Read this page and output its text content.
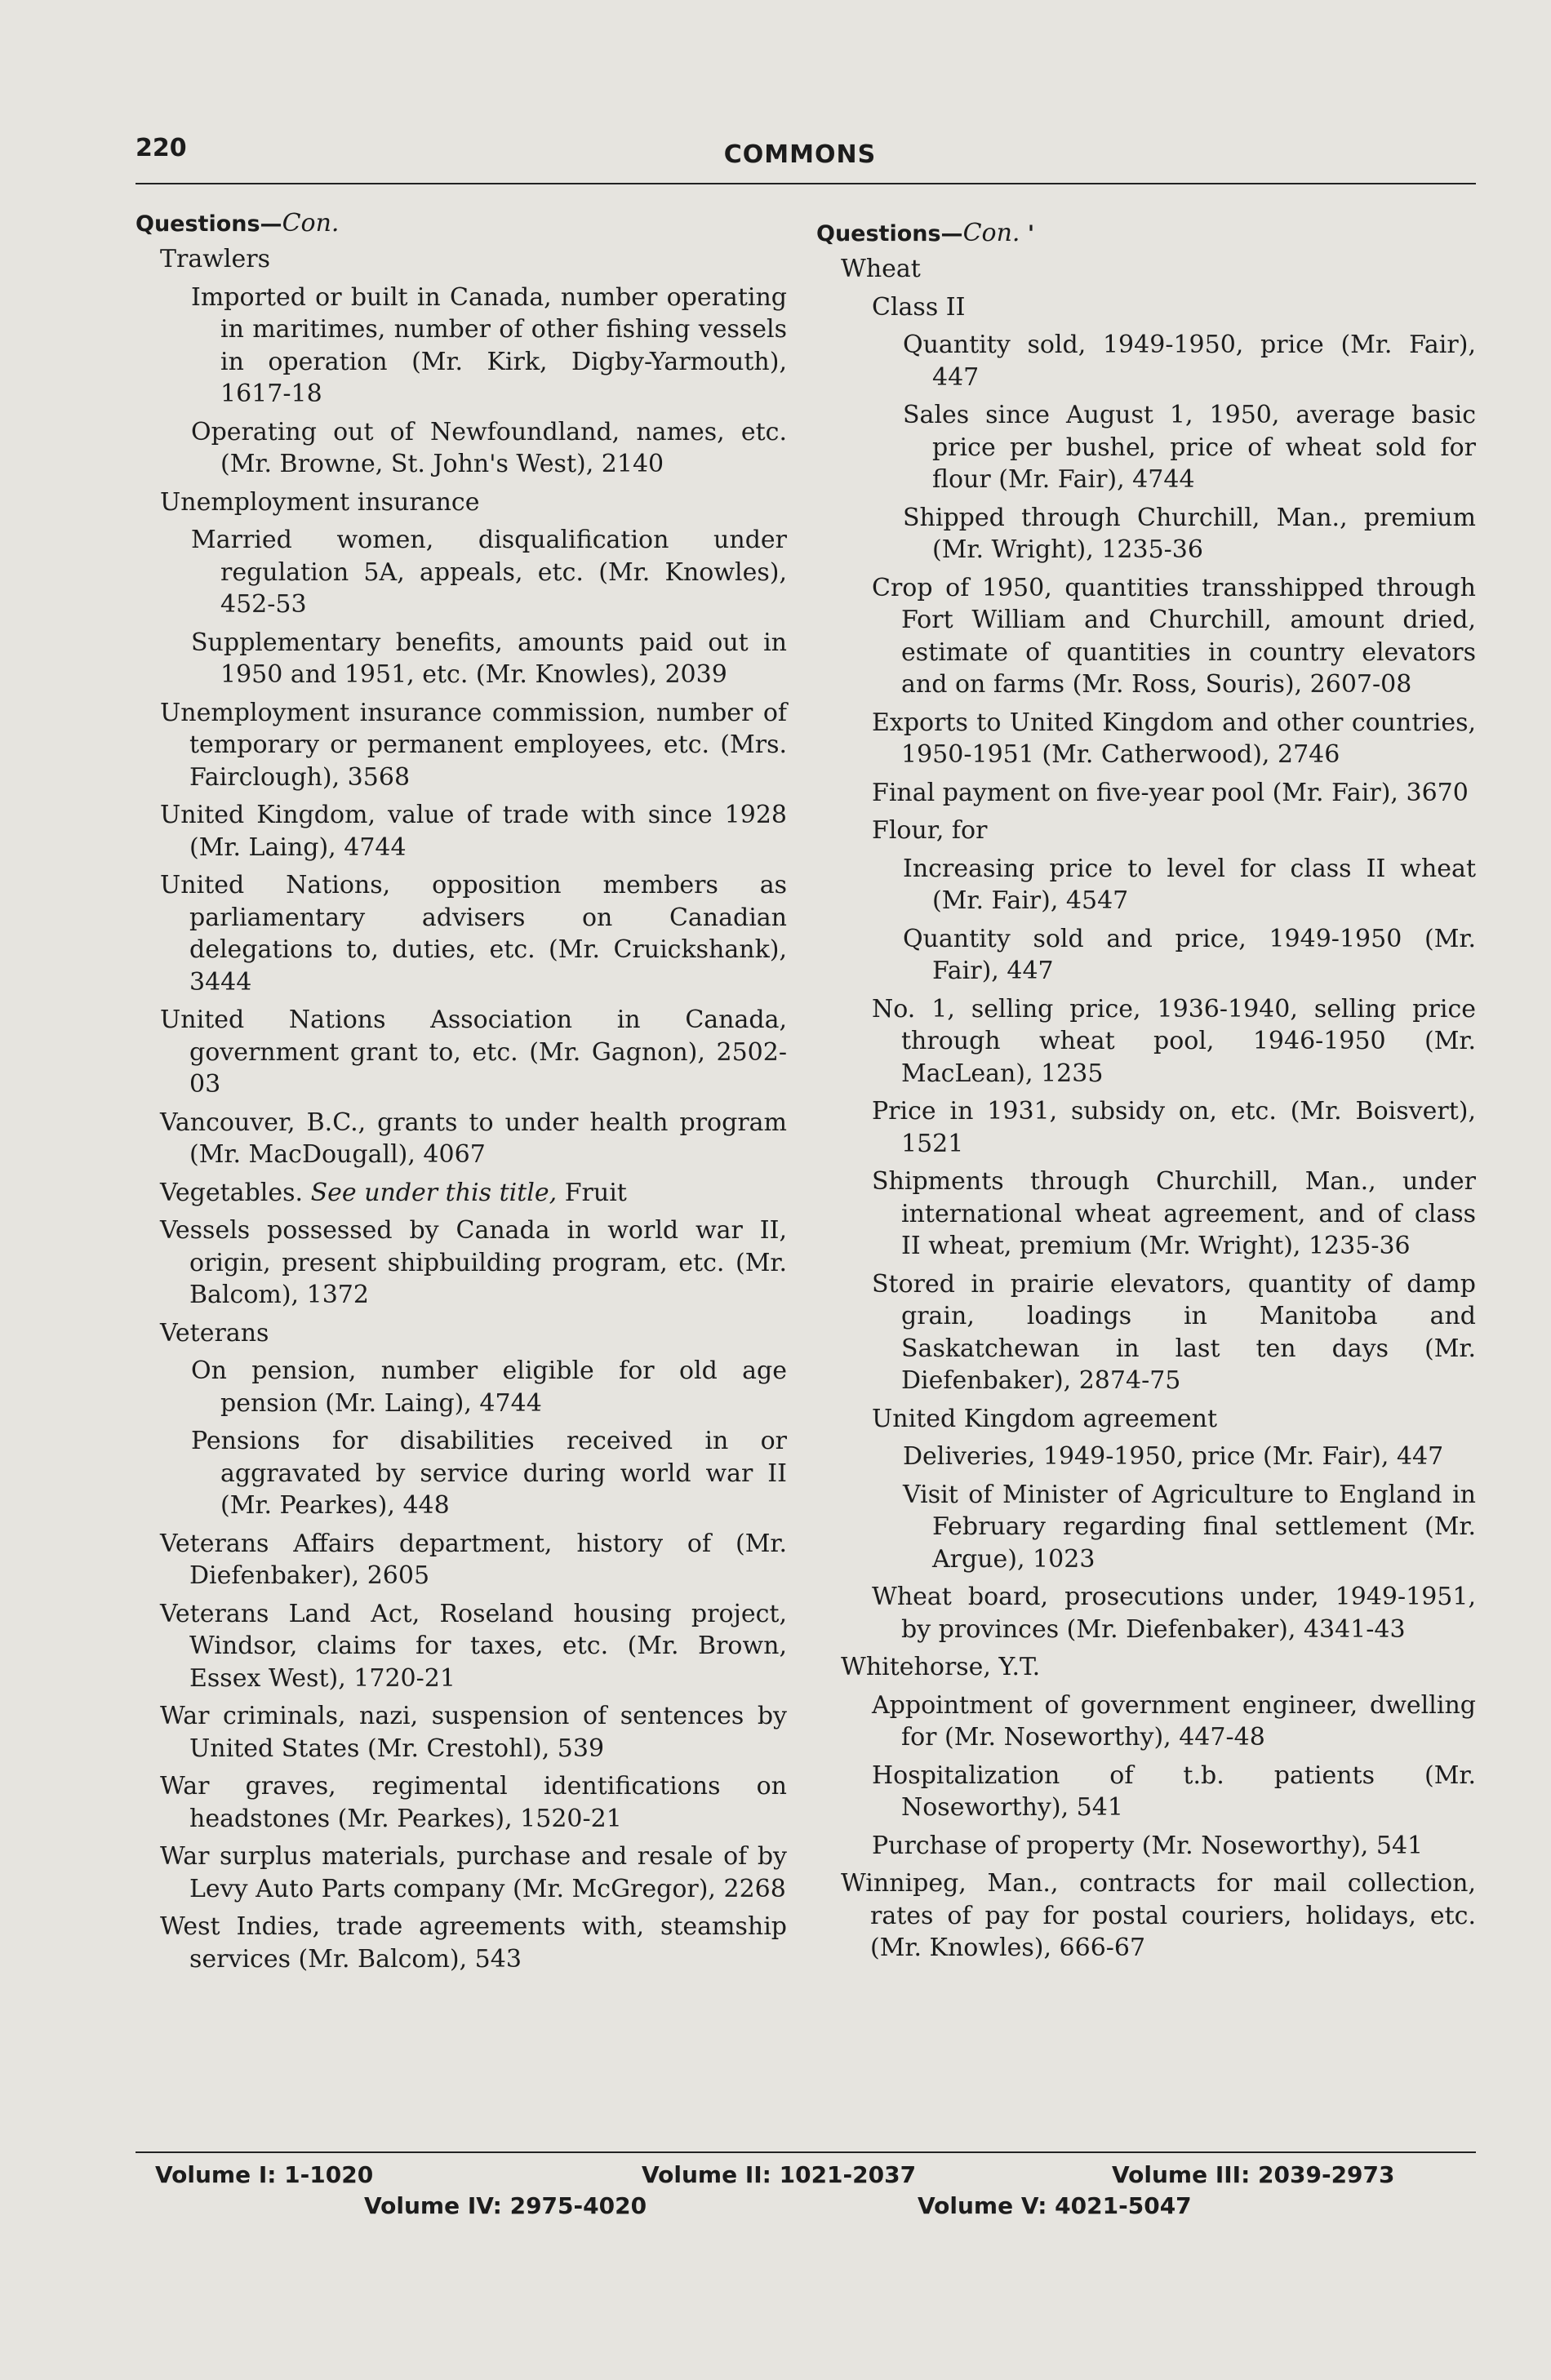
220	COMMONS
Questions—Con.
Trawlers
Imported or built in Canada, number operating in maritimes, number of other fishing vessels in operation (Mr. Kirk, Digby-Yarmouth), 1617-18
Operating out of Newfoundland, names, etc. (Mr. Browne, St. John's West), 2140
Unemployment insurance
Married women, disqualification under regulation 5A, appeals, etc. (Mr. Knowles), 452-53
Supplementary benefits, amounts paid out in 1950 and 1951, etc. (Mr. Knowles), 2039
Unemployment insurance commission, number of temporary or permanent employees, etc. (Mrs. Fairclough), 3568
United Kingdom, value of trade with since 1928 (Mr. Laing), 4744
United Nations, opposition members as parliamentary advisers on Canadian delegations to, duties, etc. (Mr. Cruickshank), 3444
United Nations Association in Canada, government grant to, etc. (Mr. Gagnon), 2502-03
Vancouver, B.C., grants to under health program (Mr. MacDougall), 4067
Vegetables. See under this title, Fruit
Vessels possessed by Canada in world war II, origin, present shipbuilding program, etc. (Mr. Balcom), 1372
Veterans
On pension, number eligible for old age pension (Mr. Laing), 4744
Pensions for disabilities received in or aggravated by service during world war II (Mr. Pearkes), 448
Veterans Affairs department, history of (Mr. Diefenbaker), 2605
Veterans Land Act, Roseland housing project, Windsor, claims for taxes, etc. (Mr. Brown, Essex West), 1720-21
War criminals, nazi, suspension of sentences by United States (Mr. Crestohl), 539
War graves, regimental identifications on headstones (Mr. Pearkes), 1520-21
War surplus materials, purchase and resale of by Levy Auto Parts company (Mr. McGregor), 2268
West Indies, trade agreements with, steamship services (Mr. Balcom), 543
Questions—Con. '
Wheat
Class II
Quantity sold, 1949-1950, price (Mr. Fair), 447
Sales since August 1, 1950, average basic price per bushel, price of wheat sold for flour (Mr. Fair), 4744
Shipped through Churchill, Man., premium (Mr. Wright), 1235-36
Crop of 1950, quantities transshipped through Fort William and Churchill, amount dried, estimate of quantities in country elevators and on farms (Mr. Ross, Souris), 2607-08
Exports to United Kingdom and other countries, 1950-1951 (Mr. Catherwood), 2746
Final payment on five-year pool (Mr. Fair), 3670
Flour, for
Increasing price to level for class II wheat (Mr. Fair), 4547
Quantity sold and price, 1949-1950 (Mr. Fair), 447
No. 1, selling price, 1936-1940, selling price through wheat pool, 1946-1950 (Mr. MacLean), 1235
Price in 1931, subsidy on, etc. (Mr. Boisvert), 1521
Shipments through Churchill, Man., under international wheat agreement, and of class II wheat, premium (Mr. Wright), 1235-36
Stored in prairie elevators, quantity of damp grain, loadings in Manitoba and Saskatchewan in last ten days (Mr. Diefenbaker), 2874-75
United Kingdom agreement
Deliveries, 1949-1950, price (Mr. Fair), 447
Visit of Minister of Agriculture to England in February regarding final settlement (Mr. Argue), 1023
Wheat board, prosecutions under, 1949-1951, by provinces (Mr. Diefenbaker), 4341-43
Whitehorse, Y.T.
Appointment of government engineer, dwelling for (Mr. Noseworthy), 447-48
Hospitalization of t.b. patients (Mr. Noseworthy), 541
Purchase of property (Mr. Noseworthy), 541
Winnipeg, Man., contracts for mail collection, rates of pay for postal couriers, holidays, etc. (Mr. Knowles), 666-67
Volume I: 1-1020	Volume II: 1021-2037	Volume III: 2039-2973
Volume IV: 2975-4020	Volume V: 4021-5047
